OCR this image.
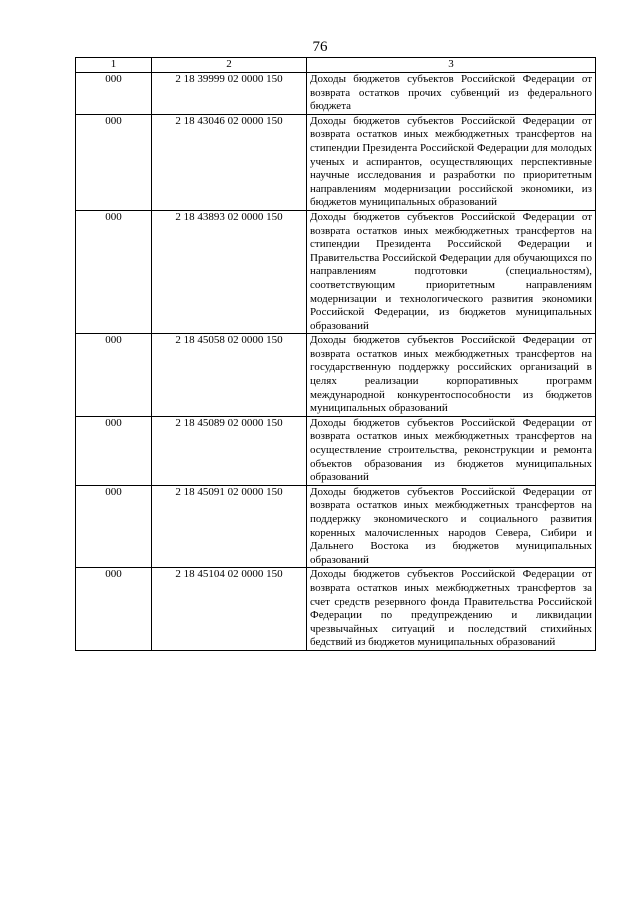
76
1	2	3
000	2 18 39999 02 0000 150	Доходы бюджетов субъектов Российской Федерации от возврата остатков прочих субвенций из федерального бюджета

000	2 18 43046 02 0000 150	Доходы бюджетов субъектов Российской Федерации от возврата остатков иных межбюджетных трансфертов на стипендии Президента Российской Федерации для молодых ученых и аспирантов, осуществляющих перспективные научные исследования и разработки по приоритетным направлениям модернизации российской экономики, из бюджетов муниципальных образований

000	2 18 43893 02 0000 150	Доходы бюджетов субъектов Российской Федерации от возврата остатков иных межбюджетных трансфертов на стипендии Президента Российской Федерации и Правительства Российской Федерации для обучающихся по направлениям подготовки (специальностям), соответствующим приоритетным направлениям модернизации и технологического развития экономики Российской Федерации, из бюджетов муниципальных образований

000	2 18 45058 02 0000 150	Доходы бюджетов субъектов Российской Федерации от возврата остатков иных межбюджетных трансфертов на государственную поддержку российских организаций в целях реализации корпоративных программ международной конкурентоспособности из бюджетов муниципальных образований

000	2 18 45089 02 0000 150	Доходы бюджетов субъектов Российской Федерации от возврата остатков иных межбюджетных трансфертов на осуществление строительства, реконструкции и ремонта объектов образования из бюджетов муниципальных образований

000	2 18 45091 02 0000 150	Доходы бюджетов субъектов Российской Федерации от возврата остатков иных межбюджетных трансфертов на поддержку экономического и социального развития коренных малочисленных народов Севера, Сибири и Дальнего Востока из бюджетов муниципальных образований

000	2 18 45104 02 0000 150	Доходы бюджетов субъектов Российской Федерации от возврата остатков иных межбюджетных трансфертов за счет средств резервного фонда Правительства Российской Федерации по предупреждению и ликвидации чрезвычайных ситуаций и последствий стихийных бедствий из бюджетов муниципальных образований
